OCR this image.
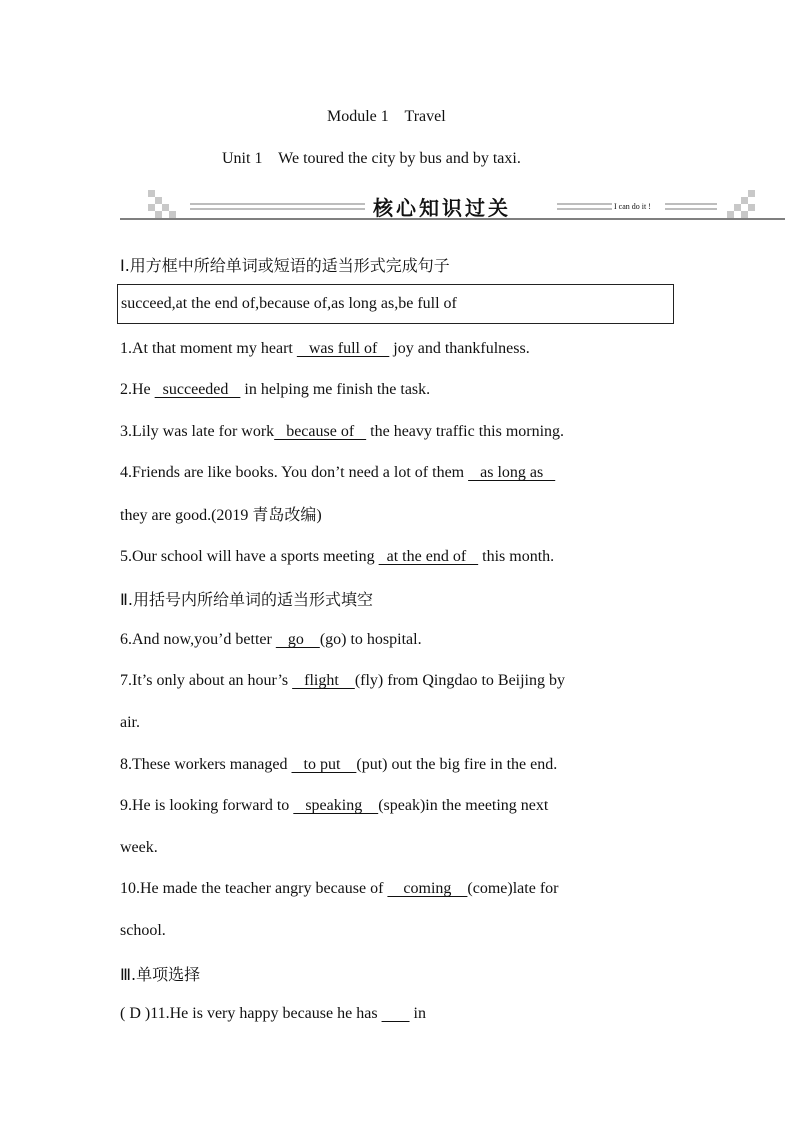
Module 1    Travel
Unit 1    We toured the city by bus and by taxi.
核心知识过关	I can do it !
Ⅰ.用方框中所给单词或短语的适当形式完成句子
succeed,at the end of,because of,as long as,be full of
1.At that moment my heart    was full of    joy and thankfulness.
2.He   succeeded    in helping me finish the task.
3.Lily was late for work   because of    the heavy traffic this morning.
4.Friends are like books. You don’t need a lot of them    as long as
they are good.(2019 青岛改编)
5.Our school will have a sports meeting   at the end of    this month.
Ⅱ.用括号内所给单词的适当形式填空
6.And now,you’d better    go    (go) to hospital.
7.It’s only about an hour’s    flight    (fly) from Qingdao to Beijing by
air.
8.These workers managed    to put    (put) out the big fire in the end.
9.He is looking forward to    speaking    (speak)in the meeting next
week.
10.He made the teacher angry because of     coming    (come)late for
school.
Ⅲ.单项选择
( D )11.He is very happy because he has         in
